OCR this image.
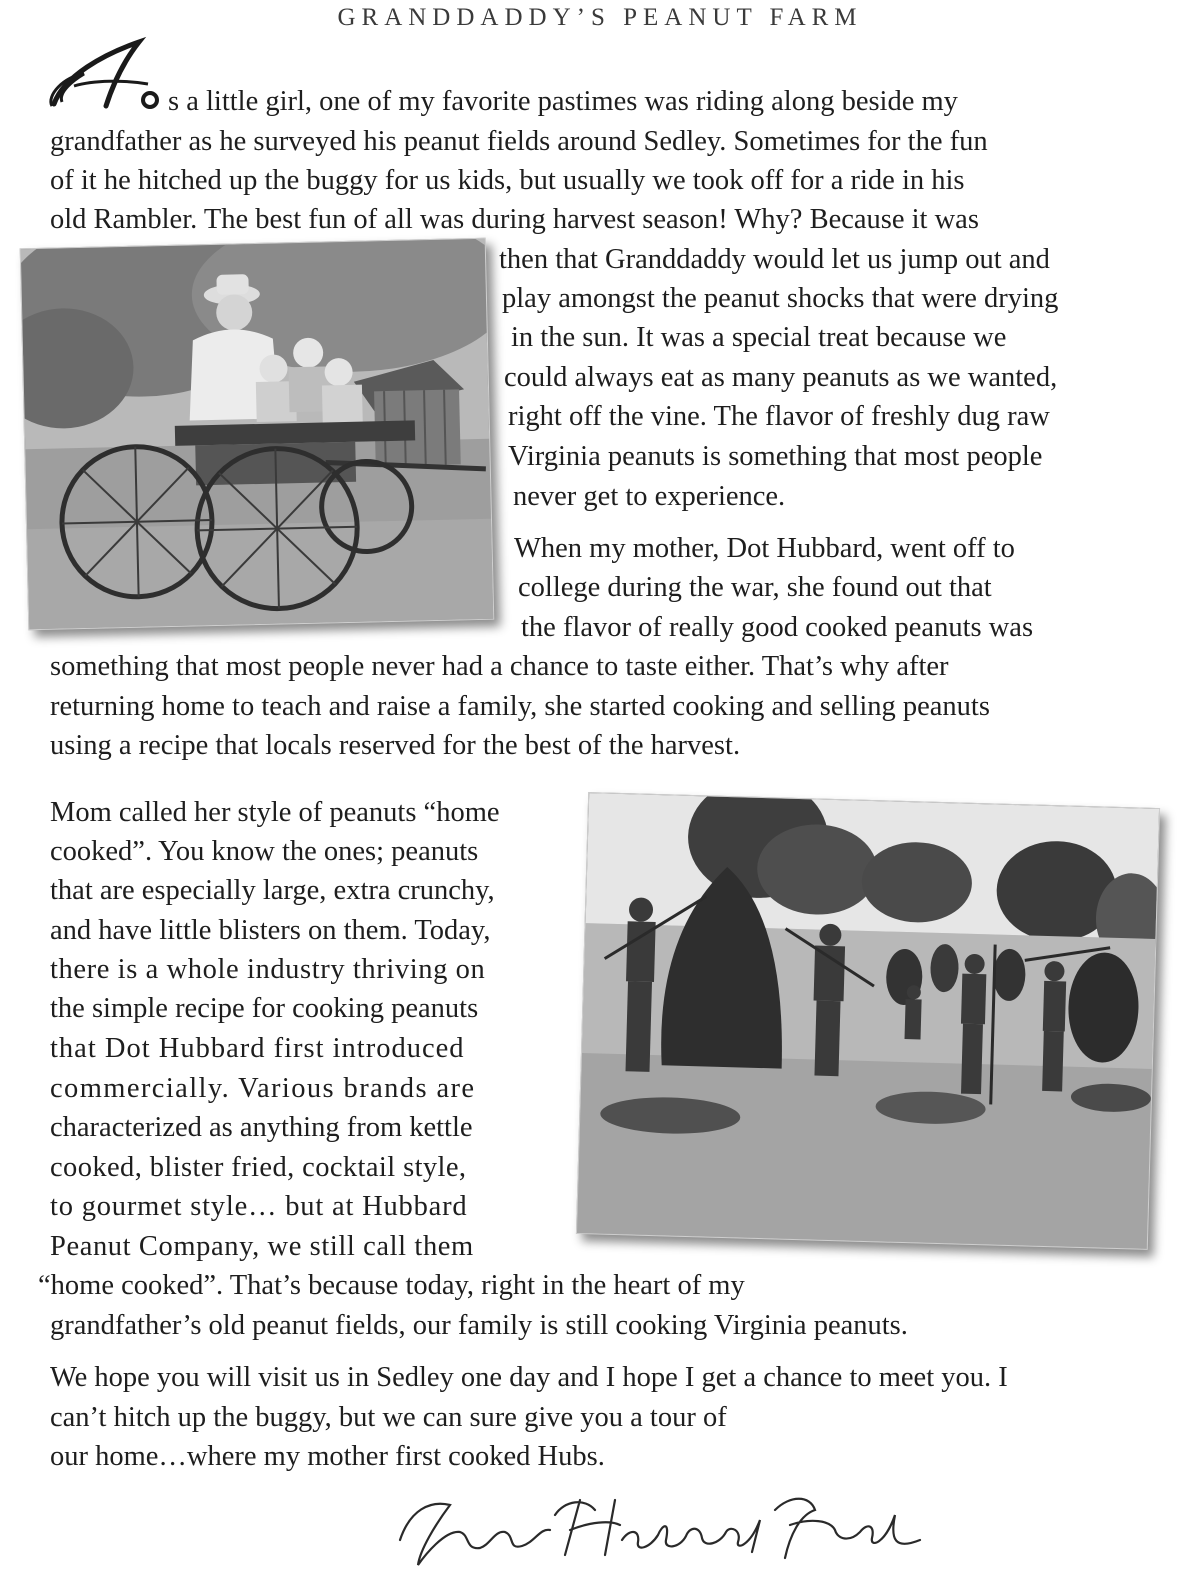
GRANDDADDY’S PEANUT FARM
s a little girl, one of my favorite pastimes was riding along beside my
grandfather as he surveyed his peanut fields around Sedley. Sometimes for the fun
of it he hitched up the buggy for us kids, but usually we took off for a ride in his
old Rambler. The best fun of all was during harvest season! Why? Because it was
then that Granddaddy would let us jump out and
play amongst the peanut shocks that were drying
in the sun. It was a special treat because we
could always eat as many peanuts as we wanted,
right off the vine. The flavor of freshly dug raw
Virginia peanuts is something that most people
never get to experience.
When my mother, Dot Hubbard, went off to
college during the war, she found out that
the flavor of really good cooked peanuts was
something that most people never had a chance to taste either. That’s why after
returning home to teach and raise a family, she started cooking and selling peanuts
using a recipe that locals reserved for the best of the harvest.
Mom called her style of peanuts “home
cooked”. You know the ones; peanuts
that are especially large, extra crunchy,
and have little blisters on them. Today,
there is a whole industry thriving on
the simple recipe for cooking peanuts
that Dot Hubbard first introduced
commercially. Various brands are
characterized as anything from kettle
cooked, blister fried, cocktail style,
to gourmet style… but at Hubbard
Peanut Company, we still call them
“home cooked”. That’s because today, right in the heart of my
grandfather’s old peanut fields, our family is still cooking Virginia peanuts.
We hope you will visit us in Sedley one day and I hope I get a chance to meet you. I
can’t hitch up the buggy, but we can sure give you a tour of
our home…where my mother first cooked Hubs.
